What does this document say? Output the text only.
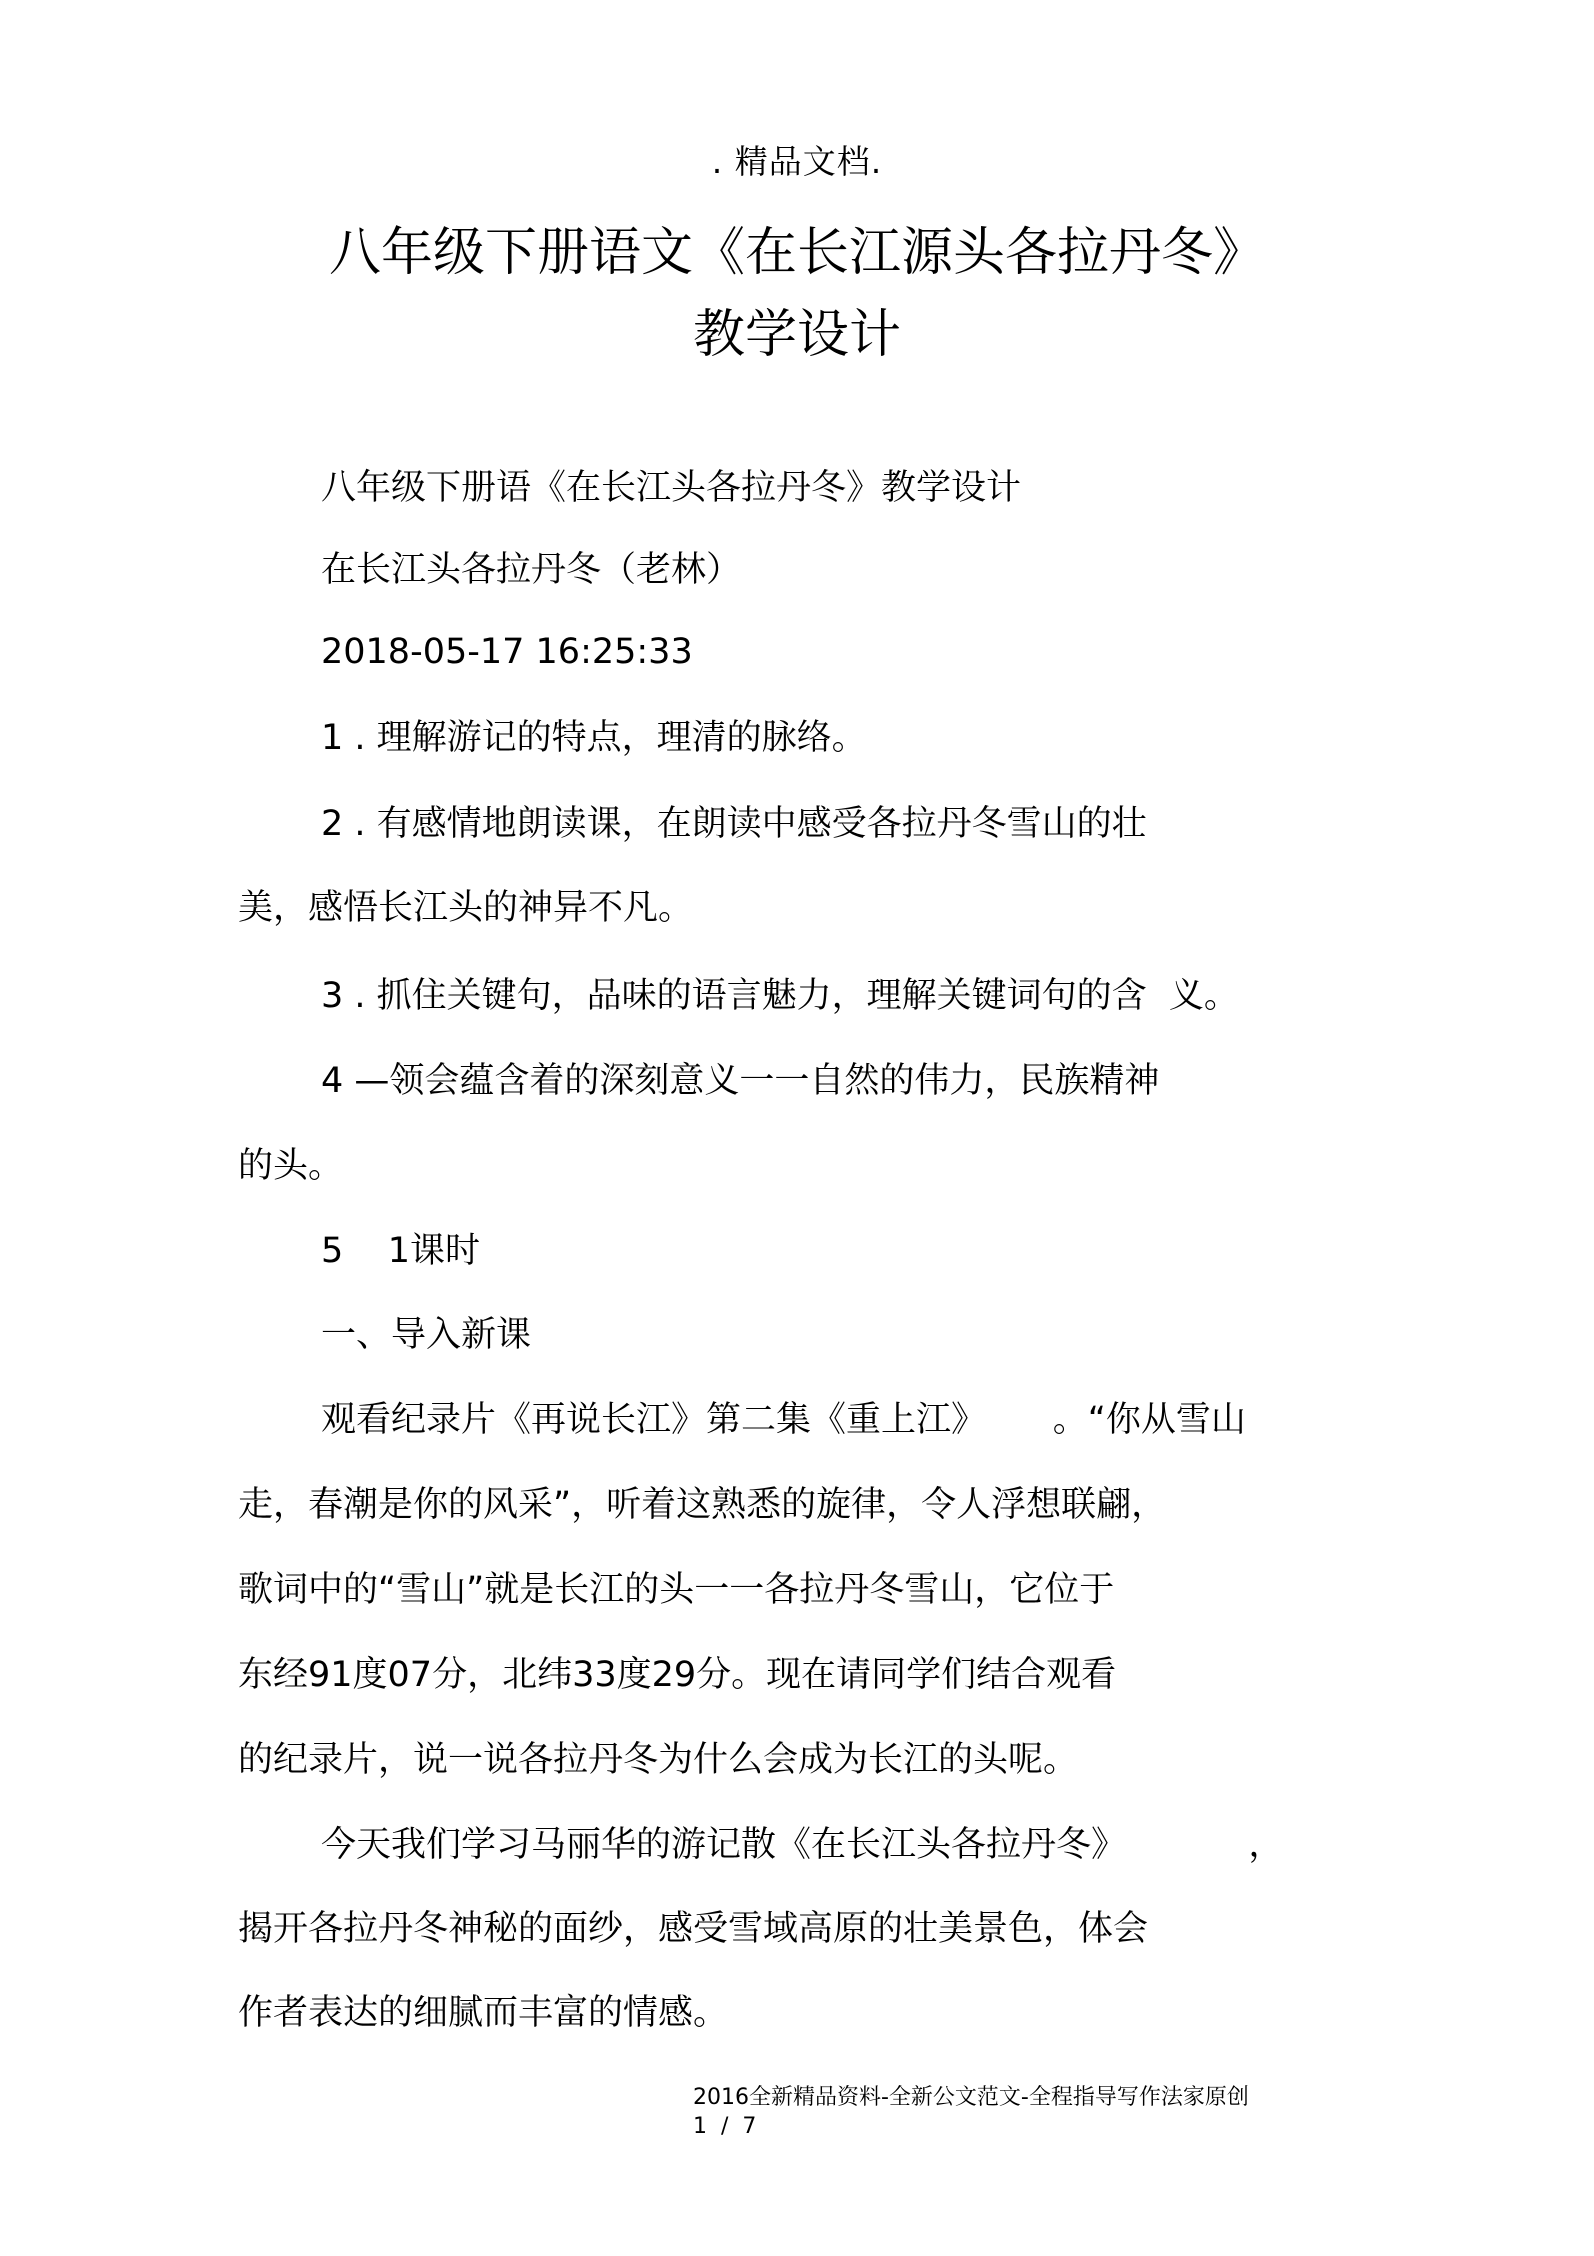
. 精品文档.
八年级下册语文《在长江源头各拉丹冬》
教学设计
八年级下册语《在长江头各拉丹冬》教学设计
在长江头各拉丹冬（老林）
2018-05-17 16:25:33
1 . 理解游记的特点，理清的脉络。
2 . 有感情地朗读课，在朗读中感受各拉丹冬雪山的壮
美，感悟长江头的神异不凡。
3 . 抓住关键句，品味的语言魅力，理解关键词句的含  义。
4 —领会蕴含着的深刻意义一一自然的伟力，民族精神
的头。
5    1课时
一、导入新课
观看纪录片《再说长江》第二集《重上江》      。“你从雪山
走，春潮是你的风采”，听着这熟悉的旋律，令人浮想联翩，
歌词中的“雪山”就是长江的头一一各拉丹冬雪山，它位于
东经91度07分，北纬33度29分。现在请同学们结合观看
的纪录片，说一说各拉丹冬为什么会成为长江的头呢。
今天我们学习马丽华的游记散《在长江头各拉丹冬》           ，
揭开各拉丹冬神秘的面纱，感受雪域高原的壮美景色，体会
作者表达的细腻而丰富的情感。
2016全新精品资料-全新公文范文-全程指导写作法家原创
1  /  7
